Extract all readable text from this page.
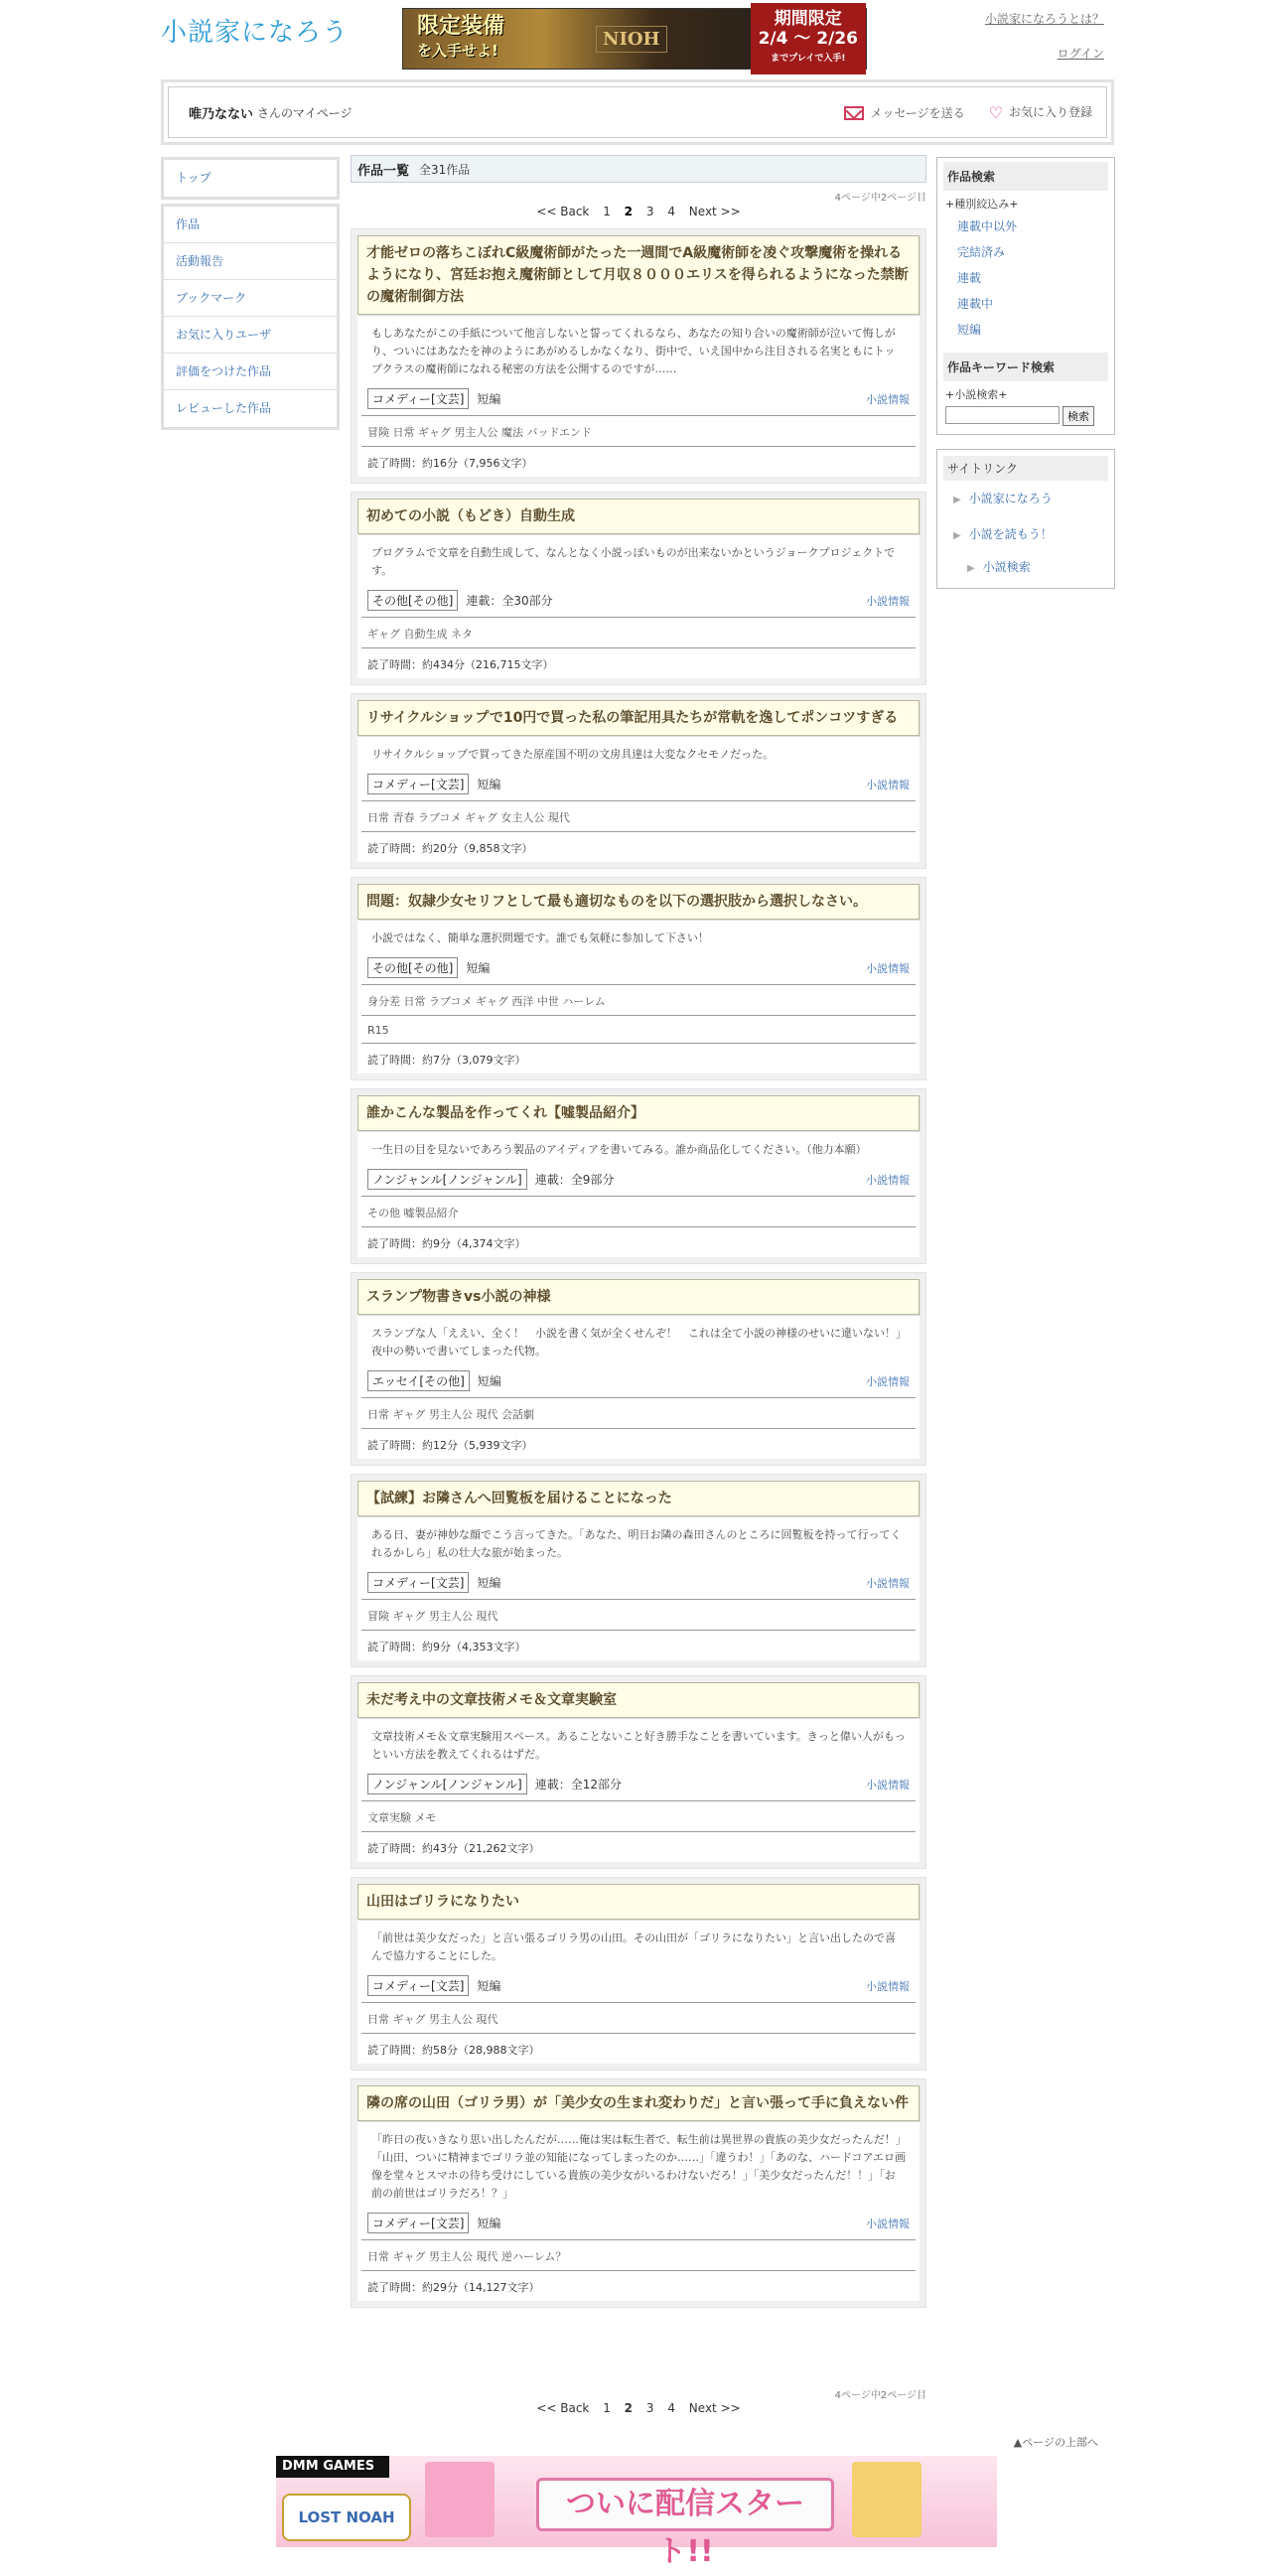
小説家になろう	限定装備
を入手せよ!
NIOH
期間限定
2/4 ～ 2/26
までプレイで入手!
小説家になろうとは？
ログイン
唯乃なない さんのマイページ	メッセージを送る ♡ お気に入り登録
トップ
作品
活動報告
ブックマーク
お気に入りユーザ
評価をつけた作品
レビューした作品
作品一覧 全31作品
4ページ中2ページ目
<< Back 1 2 3 4 Next >>
才能ゼロの落ちこぼれC級魔術師がたった一週間でA級魔術師を凌ぐ攻撃魔術を操れるようになり、宮廷お抱え魔術師として月収８０００エリスを得られるようになった禁断の魔術制御方法
もしあなたがこの手紙について他言しないと誓ってくれるなら、あなたの知り合いの魔術師が泣いて悔しがり、ついにはあなたを神のようにあがめるしかなくなり、街中で、いえ国中から注目される名実ともにトップクラスの魔術師になれる秘密の方法を公開するのですが……
コメディー[文芸]	短編	小説情報
冒険 日常 ギャグ 男主人公 魔法 バッドエンド
読了時間：約16分（7,956文字）
初めての小説（もどき）自動生成
プログラムで文章を自動生成して、なんとなく小説っぽいものが出来ないかというジョークプロジェクトです。
その他[その他]	連載：全30部分	小説情報
ギャグ 自動生成 ネタ
読了時間：約434分（216,715文字）
リサイクルショップで10円で買った私の筆記用具たちが常軌を逸してポンコツすぎる
リサイクルショップで買ってきた原産国不明の文房具達は大変なクセモノだった。
コメディー[文芸]	短編	小説情報
日常 青春 ラブコメ ギャグ 女主人公 現代
読了時間：約20分（9,858文字）
問題：奴隷少女セリフとして最も適切なものを以下の選択肢から選択しなさい。
小説ではなく、簡単な選択問題です。誰でも気軽に参加して下さい！
その他[その他]	短編	小説情報
身分差 日常 ラブコメ ギャグ 西洋 中世 ハーレム
R15
読了時間：約7分（3,079文字）
誰かこんな製品を作ってくれ【嘘製品紹介】
一生日の目を見ないであろう製品のアイディアを書いてみる。誰か商品化してください。（他力本願）
ノンジャンル[ノンジャンル]	連載：全9部分	小説情報
その他 嘘製品紹介
読了時間：約9分（4,374文字）
スランプ物書きvs小説の神様
スランプな人「ええい、全く！　小説を書く気が全くせんぞ！　これは全て小説の神様のせいに違いない！」夜中の勢いで書いてしまった代物。
エッセイ[その他]	短編	小説情報
日常 ギャグ 男主人公 現代 会話劇
読了時間：約12分（5,939文字）
【試練】お隣さんへ回覧板を届けることになった
ある日、妻が神妙な顔でこう言ってきた。「あなた、明日お隣の森田さんのところに回覧板を持って行ってくれるかしら」私の壮大な旅が始まった。
コメディー[文芸]	短編	小説情報
冒険 ギャグ 男主人公 現代
読了時間：約9分（4,353文字）
未だ考え中の文章技術メモ＆文章実験室
文章技術メモ＆文章実験用スペース。あることないこと好き勝手なことを書いています。きっと偉い人がもっといい方法を教えてくれるはずだ。
ノンジャンル[ノンジャンル]	連載：全12部分	小説情報
文章実験 メモ
読了時間：約43分（21,262文字）
山田はゴリラになりたい
「前世は美少女だった」と言い張るゴリラ男の山田。その山田が「ゴリラになりたい」と言い出したので喜んで協力することにした。
コメディー[文芸]	短編	小説情報
日常 ギャグ 男主人公 現代
読了時間：約58分（28,988文字）
隣の席の山田（ゴリラ男）が「美少女の生まれ変わりだ」と言い張って手に負えない件
「昨日の夜いきなり思い出したんだが……俺は実は転生者で、転生前は異世界の貴族の美少女だったんだ！」「山田、ついに精神までゴリラ並の知能になってしまったのか……」「違うわ！」「あのな、ハードコアエロ画像を堂々とスマホの待ち受けにしている貴族の美少女がいるわけないだろ！」「美少女だったんだ！！」「お前の前世はゴリラだろ！？」
コメディー[文芸]	短編	小説情報
日常 ギャグ 男主人公 現代 逆ハーレム？
読了時間：約29分（14,127文字）
作品検索
+種別絞込み+
連載中以外
完結済み
連載
連載中
短編
作品キーワード検索
+小説検索+
検索
サイトリンク
▶ 小説家になろう
▶ 小説を読もう！
▶ 小説検索
4ページ中2ページ目
<< Back 1 2 3 4 Next >>
▲ページの上部へ
DMM GAMES
LOST NOAH	ついに配信スタート!!
